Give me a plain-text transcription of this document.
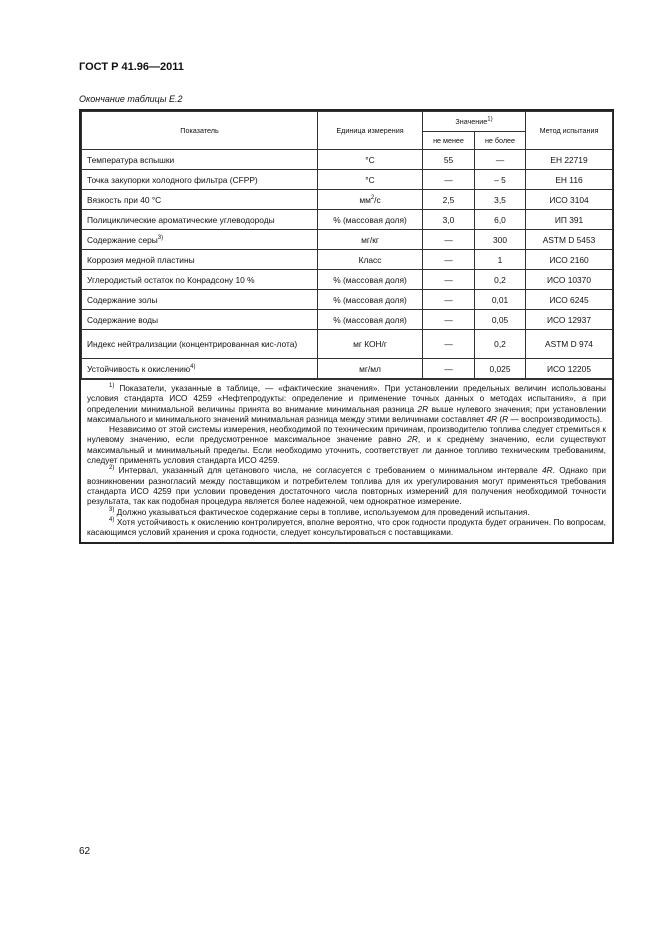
ГОСТ Р 41.96—2011
Окончание таблицы Е.2
Показатель	Единица измерения	Значение$^{1)}$		Метод испытания
		не менее	не более	
Температура вспышки	°C	55	—	ЕН 22719
Точка закупорки холодного фильтра (CFPP)	°C	—	– 5	ЕН 116
Вязкость при 40 °C	$мм^2/с$	2,5	3,5	ИСО 3104
Полициклические ароматические углеводороды	% (массовая доля)	3,0	6,0	ИП 391
Содержание серы$^{3)}$	мг/кг	—	300	ASTM D 5453
Коррозия медной пластины	Класс	—	1	ИСО 2160
Углеродистый остаток по Конрадсону 10 %	% (массовая доля)	—	0,2	ИСО 10370
Содержание золы	% (массовая доля)	—	0,01	ИСО 6245
Содержание воды	% (массовая доля)	—	0,05	ИСО 12937
Индекс нейтрализации (концентрированная кис-лота)	мг КОН/г	—	0,2	ASTM D 974
Устойчивость к окислению$^{4)}$	мг/мл	—	0,025	ИСО 12205

$^{1)}$ Показатели, указанные в таблице, — «фактические значения». При установлении предельных величин использованы условия стандарта ИСО 4259 «Нефтепродукты: определение и применение точных данных о методах испытания», а при определении минимальной величины принята во внимание минимальная разница 2R выше нулевого значения; при установлении максимального и минимального значений минимальная разница между этими величинами составляет 4R (R — воспроизводимость).

Независимо от этой системы измерения, необходимой по техническим причинам, производителю топлива следует стремиться к нулевому значению, если предусмотренное максимальное значение равно 2R, и к среднему значению, если существуют максимальный и минимальный пределы. Если необходимо уточнить, соответствует ли данное топливо техническим требованиям, следует применять условия стандарта ИСО 4259.

$^{2)}$ Интервал, указанный для цетанового числа, не согласуется с требованием о минимальном интервале 4R. Однако при возникновении разногласий между поставщиком и потребителем топлива для их урегулирования могут применяться требования стандарта ИСО 4259 при условии проведения достаточного числа повторных измерений для получения необходимой точности результата, так как подобная процедура является более надежной, чем однократное измерение.

$^{3)}$ Должно указываться фактическое содержание серы в топливе, используемом для проведений испытания.

$^{4)}$ Хотя устойчивость к окислению контролируется, вполне вероятно, что срок годности продукта будет ограничен. По вопросам, касающимся условий хранения и срока годности, следует консультироваться с поставщиками.

62
